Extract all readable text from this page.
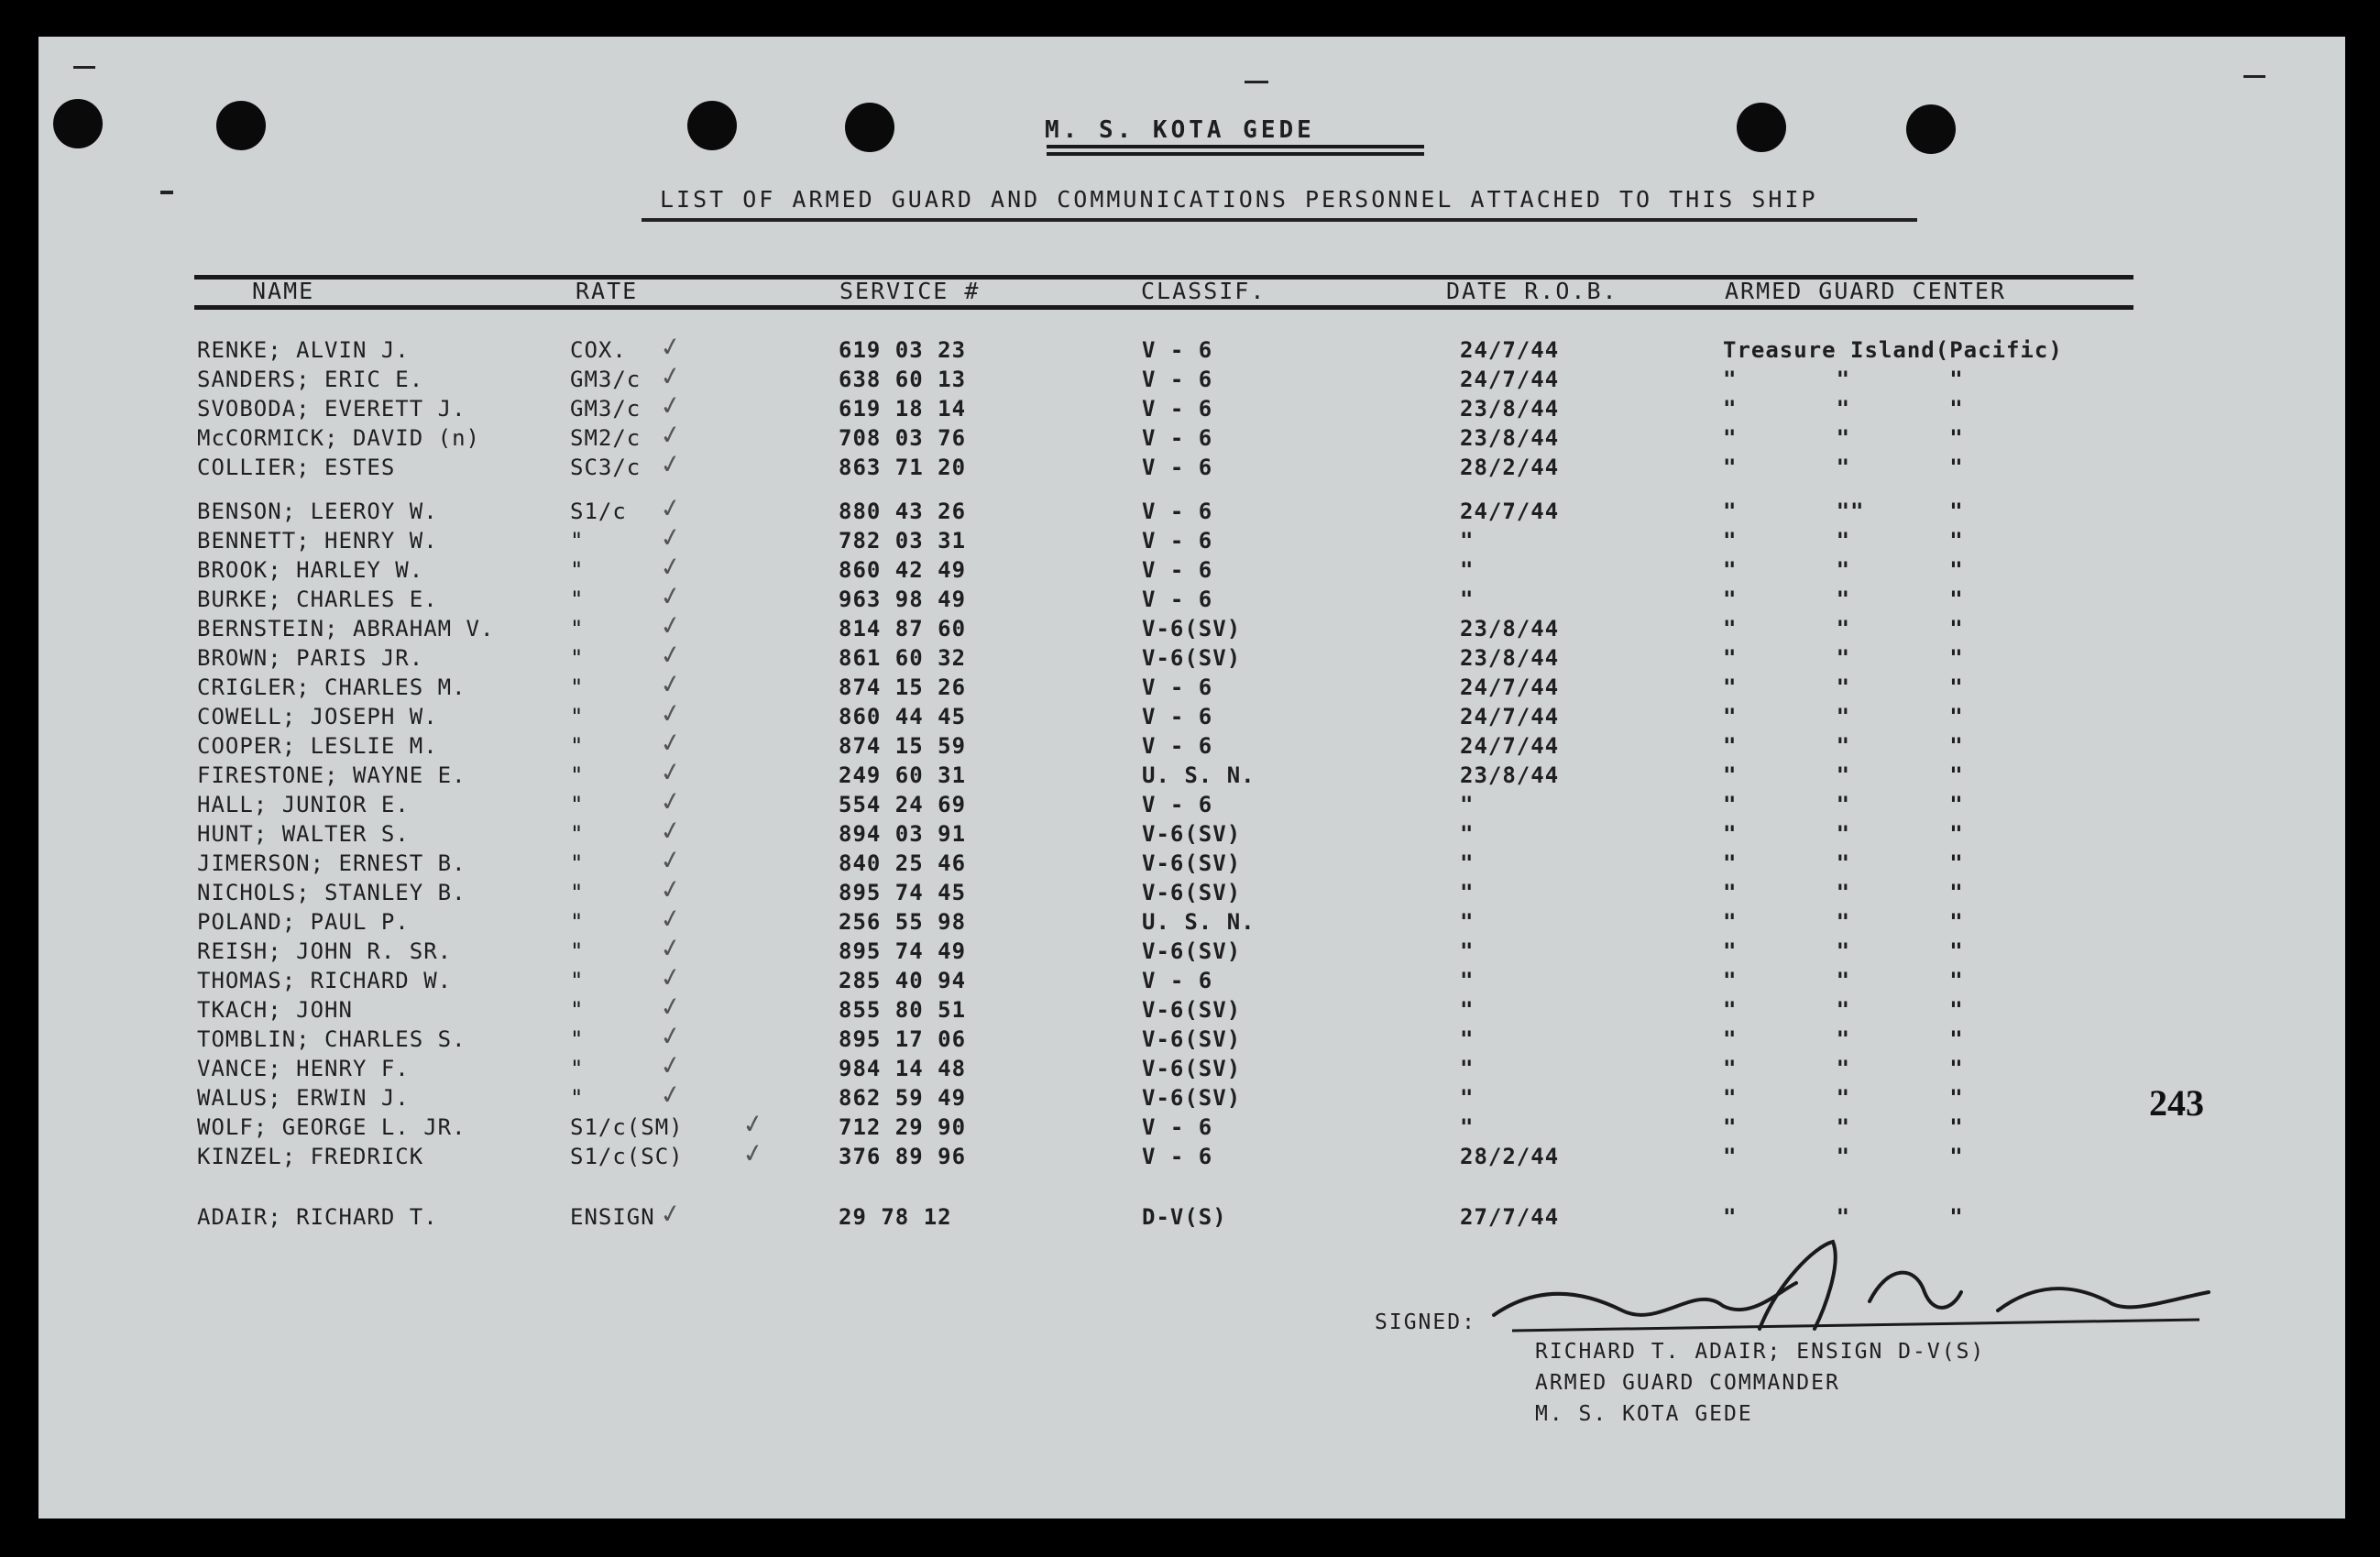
M. S. KOTA GEDE
LIST OF ARMED GUARD AND COMMUNICATIONS PERSONNEL ATTACHED TO THIS SHIP
NAME	RATE	SERVICE #	CLASSIF.	DATE R.O.B.	ARMED GUARD CENTER
RENKE; ALVIN J.	COX.	619 03 23	V - 6	24/7/44	Treasure Island(Pacific)
✓
SANDERS; ERIC E.	GM3/c	638 60 13	V - 6	24/7/44	"       "       "
✓
SVOBODA; EVERETT J.	GM3/c	619 18 14	V - 6	23/8/44	"       "       "
✓
McCORMICK; DAVID (n)	SM2/c	708 03 76	V - 6	23/8/44	"       "       "
✓
COLLIER; ESTES	SC3/c	863 71 20	V - 6	28/2/44	"       "       "
✓
BENSON; LEEROY W.	S1/c	880 43 26	V - 6	24/7/44	"       ""      "
✓
BENNETT; HENRY W.	"	782 03 31	V - 6	"	"       "       "
✓
BROOK; HARLEY W.	"	860 42 49	V - 6	"	"       "       "
✓
BURKE; CHARLES E.	"	963 98 49	V - 6	"	"       "       "
✓
BERNSTEIN; ABRAHAM V.	"	814 87 60	V-6(SV)	23/8/44	"       "       "
✓
BROWN; PARIS JR.	"	861 60 32	V-6(SV)	23/8/44	"       "       "
✓
CRIGLER; CHARLES M.	"	874 15 26	V - 6	24/7/44	"       "       "
✓
COWELL; JOSEPH W.	"	860 44 45	V - 6	24/7/44	"       "       "
✓
COOPER; LESLIE M.	"	874 15 59	V - 6	24/7/44	"       "       "
✓
FIRESTONE; WAYNE E.	"	249 60 31	U. S. N.	23/8/44	"       "       "
✓
HALL; JUNIOR E.	"	554 24 69	V - 6	"	"       "       "
✓
HUNT; WALTER S.	"	894 03 91	V-6(SV)	"	"       "       "
✓
JIMERSON; ERNEST B.	"	840 25 46	V-6(SV)	"	"       "       "
✓
NICHOLS; STANLEY B.	"	895 74 45	V-6(SV)	"	"       "       "
✓
POLAND; PAUL P.	"	256 55 98	U. S. N.	"	"       "       "
✓
REISH; JOHN R. SR.	"	895 74 49	V-6(SV)	"	"       "       "
✓
THOMAS; RICHARD W.	"	285 40 94	V - 6	"	"       "       "
✓
TKACH; JOHN	"	855 80 51	V-6(SV)	"	"       "       "
✓
TOMBLIN; CHARLES S.	"	895 17 06	V-6(SV)	"	"       "       "
✓
VANCE; HENRY F.	"	984 14 48	V-6(SV)	"	"       "       "
✓
WALUS; ERWIN J.	"	862 59 49	V-6(SV)	"	"       "       "
✓
WOLF; GEORGE L. JR.	S1/c(SM)	712 29 90	V - 6	"	"       "       "
✓
KINZEL; FREDRICK	S1/c(SC)	376 89 96	V - 6	28/2/44	"       "       "
✓
ADAIR; RICHARD T.	ENSIGN	29 78 12	D-V(S)	27/7/44	"       "       "
✓
243
SIGNED:
RICHARD T. ADAIR; ENSIGN D-V(S)
ARMED GUARD COMMANDER
M. S. KOTA GEDE
